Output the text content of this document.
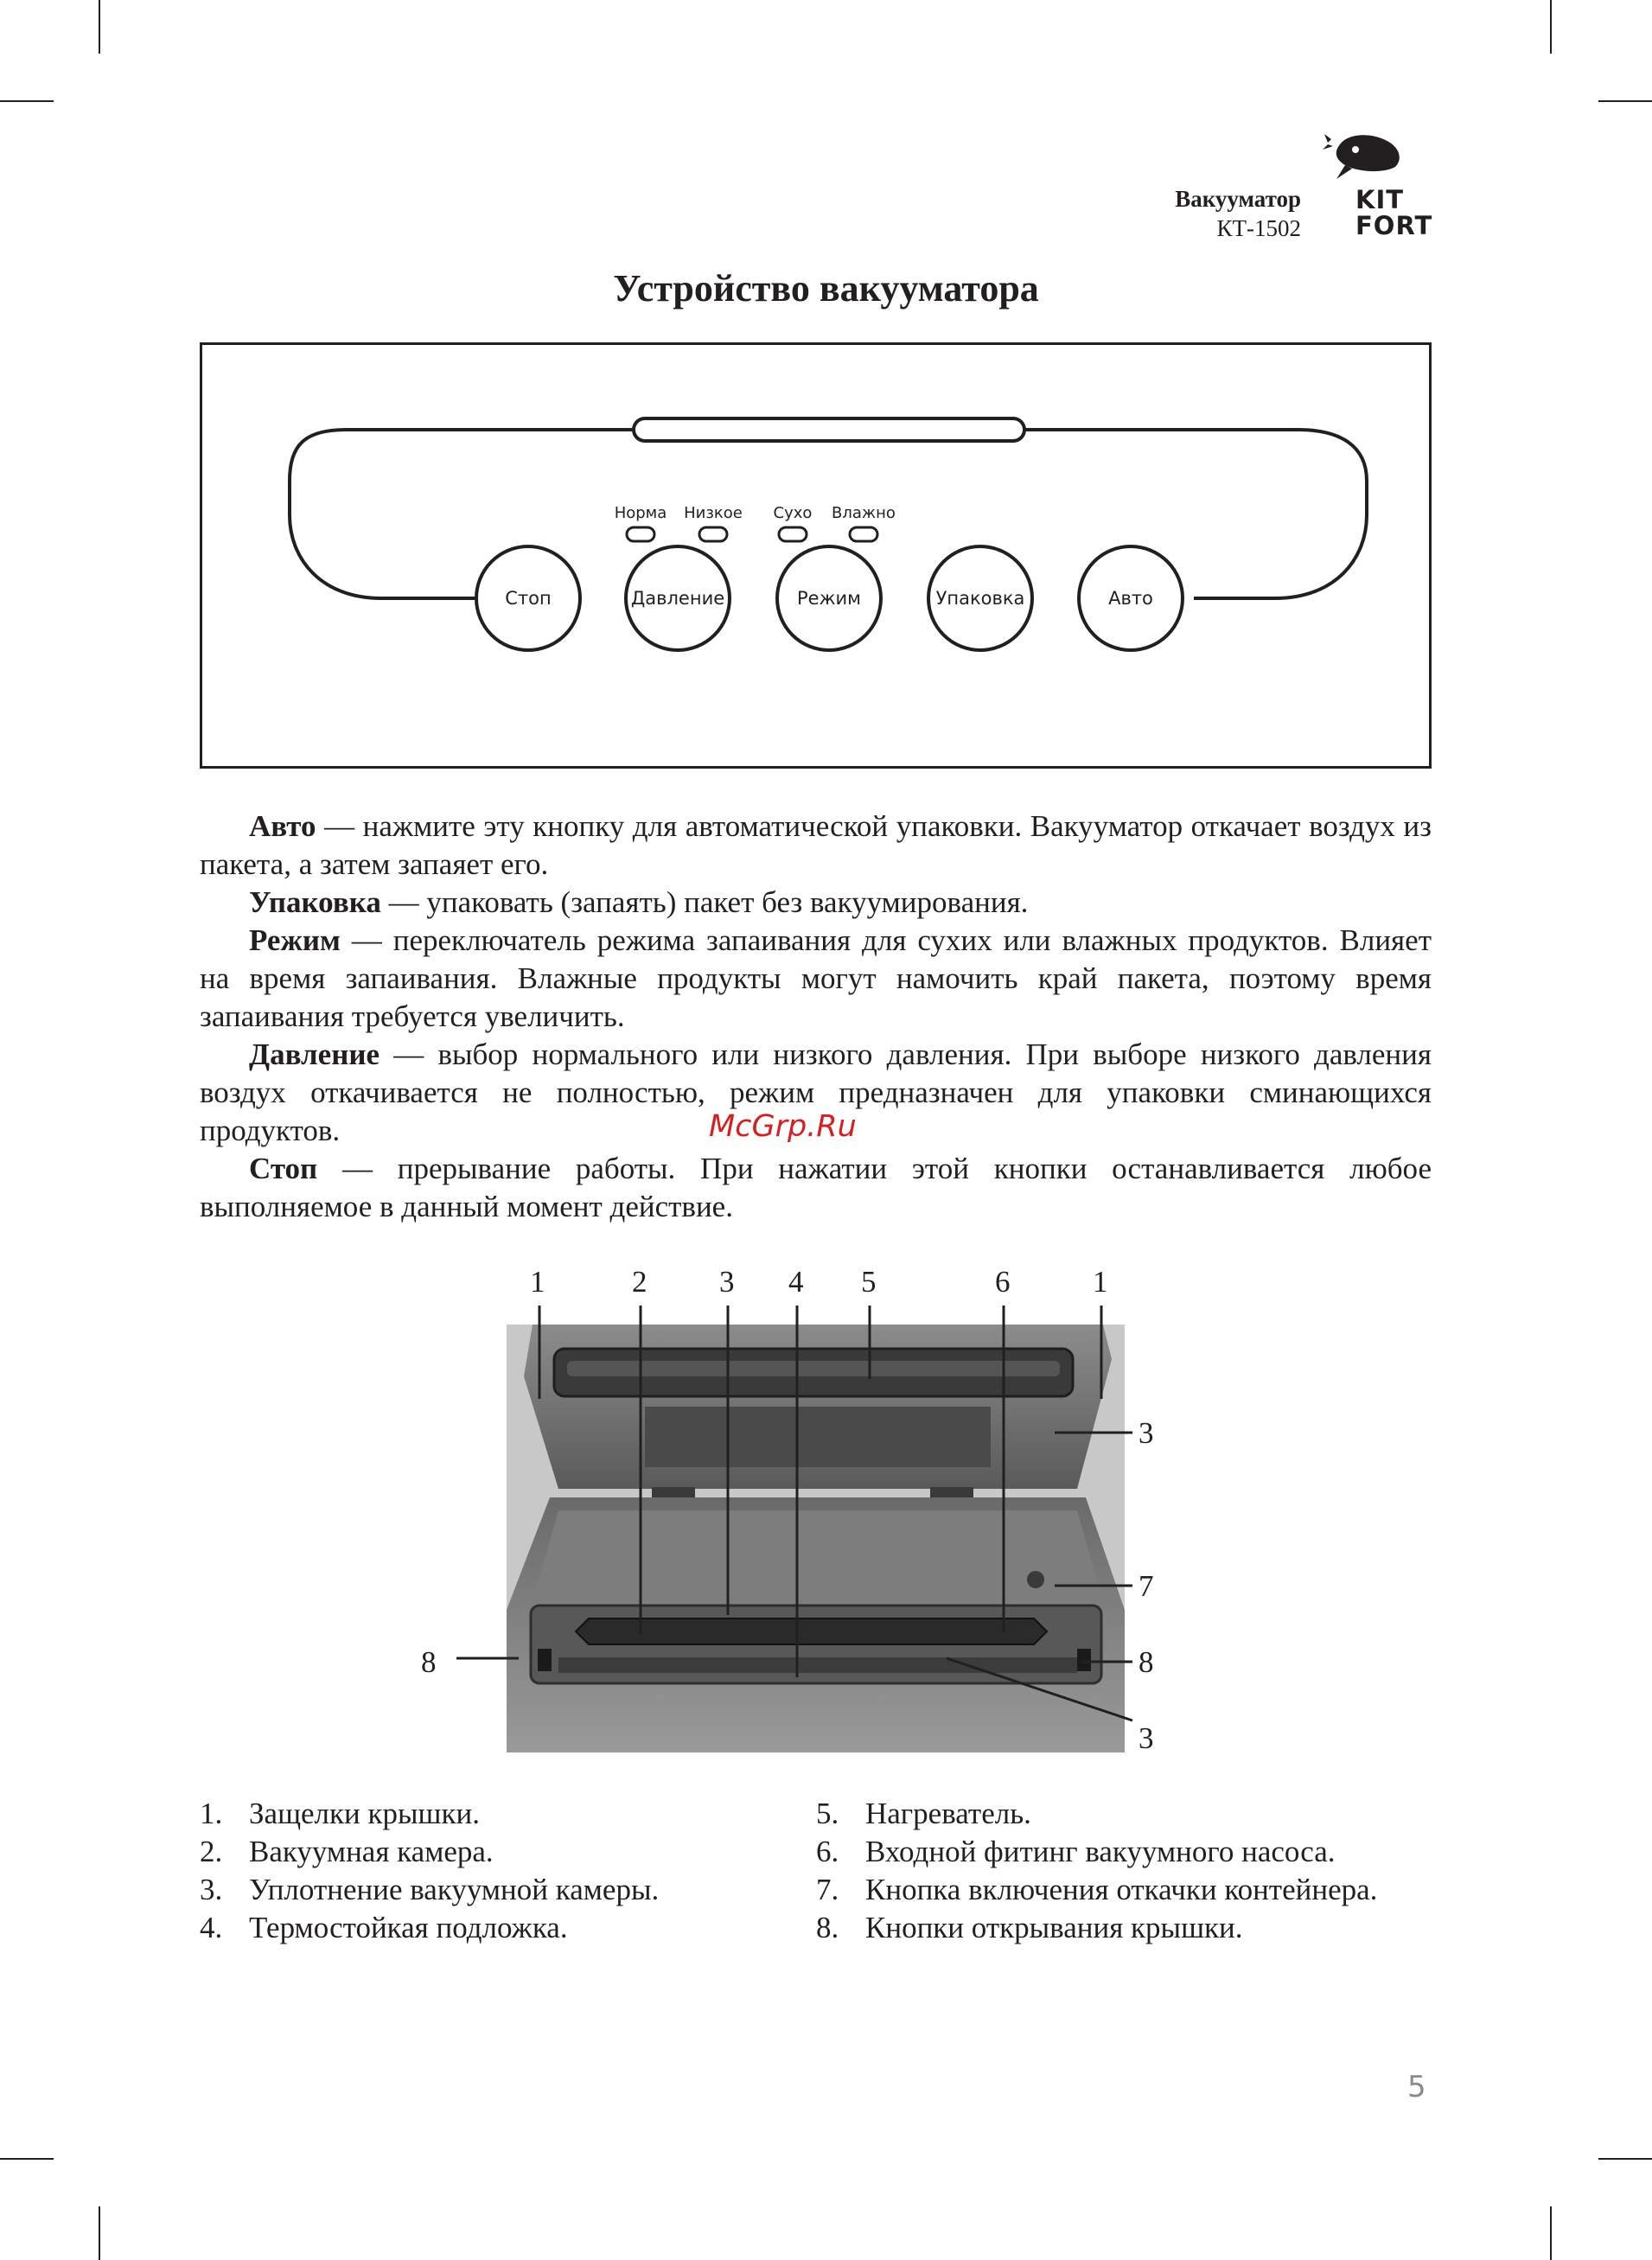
Вакууматор
КТ-1502
KIT
FORT
Устройство вакууматора
Норма Низкое Сухо Влажно
Стоп	Давление	Режим	Упаковка	Авто

Авто — нажмите эту кнопку для автоматической упаковки. Вакууматор откачает воздух из пакета, а затем запаяет его.

Упаковка — упаковать (запаять) пакет без вакуумирования.

Режим — переключатель режима запаивания для сухих или влажных продуктов. Влияет на время запаивания. Влажные продукты могут намочить край пакета, поэтому время запаивания требуется увеличить.

Давление — выбор нормального или низкого давления. При выборе низкого давления воздух откачивается не полностью, режим предназначен для упаковки сминающихся продуктов.

Стоп — прерывание работы. При нажатии этой кнопки останавливается любое выполняемое в данный момент действие.

McGrp.Ru
1	2 3 4 5	6	1
3
7
8
3
8
1. Защелки крышки.
2. Вакуумная камера.
3. Уплотнение вакуумной камеры.
4. Термостойкая подложка.
5. Нагреватель.
6. Входной фитинг вакуумного насоса.
7. Кнопка включения откачки контейнера.
8. Кнопки открывания крышки.
5
